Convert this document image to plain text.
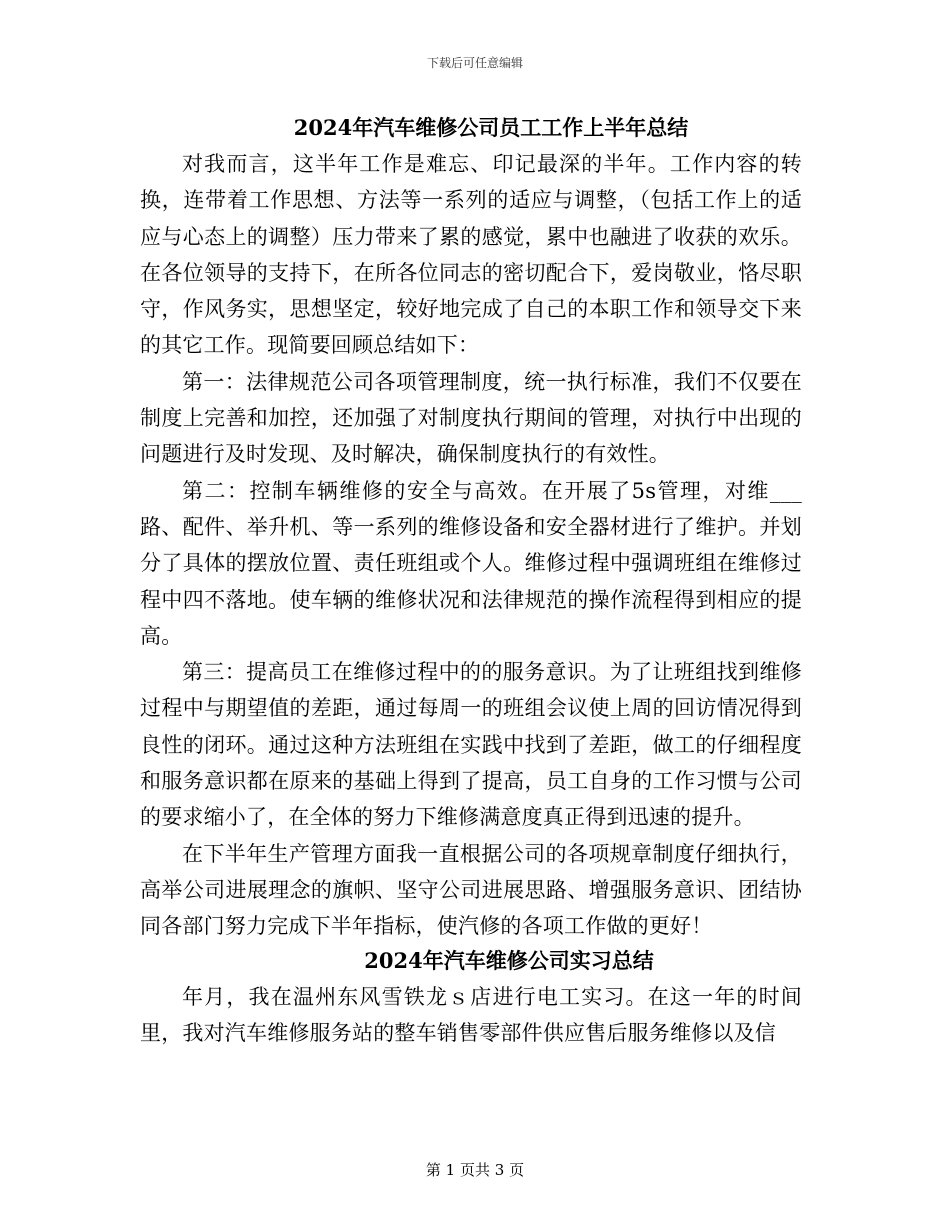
下载后可任意编辑
2024年汽车维修公司员工工作上半年总结

对我而言，这半年工作是难忘、印记最深的半年。工作内容的转换，连带着工作思想、方法等一系列的适应与调整，（包括工作上的适应与心态上的调整）压力带来了累的感觉，累中也融进了收获的欢乐。在各位领导的支持下，在所各位同志的密切配合下，爱岗敬业，恪尽职守，作风务实，思想坚定，较好地完成了自己的本职工作和领导交下来的其它工作。现简要回顾总结如下：

第一：法律规范公司各项管理制度，统一执行标准，我们不仅要在制度上完善和加控，还加强了对制度执行期间的管理，对执行中出现的问题进行及时发现、及时解决，确保制度执行的有效性。

第二：控制车辆维修的安全与高效。在开展了5s管理，对维___路、配件、举升机、等一系列的维修设备和安全器材进行了维护。并划分了具体的摆放位置、责任班组或个人。维修过程中强调班组在维修过程中四不落地。使车辆的维修状况和法律规范的操作流程得到相应的提高。

第三：提高员工在维修过程中的的服务意识。为了让班组找到维修过程中与期望值的差距，通过每周一的班组会议使上周的回访情况得到良性的闭环。通过这种方法班组在实践中找到了差距，做工的仔细程度和服务意识都在原来的基础上得到了提高，员工自身的工作习惯与公司的要求缩小了，在全体的努力下维修满意度真正得到迅速的提升。

在下半年生产管理方面我一直根据公司的各项规章制度仔细执行，高举公司进展理念的旗帜、坚守公司进展思路、增强服务意识、团结协同各部门努力完成下半年指标，使汽修的各项工作做的更好！

2024年汽车维修公司实习总结

年月，我在温州东风雪铁龙ｓ店进行电工实习。在这一年的时间里，我对汽车维修服务站的整车销售零部件供应售后服务维修以及信

第 1 页共 3 页
